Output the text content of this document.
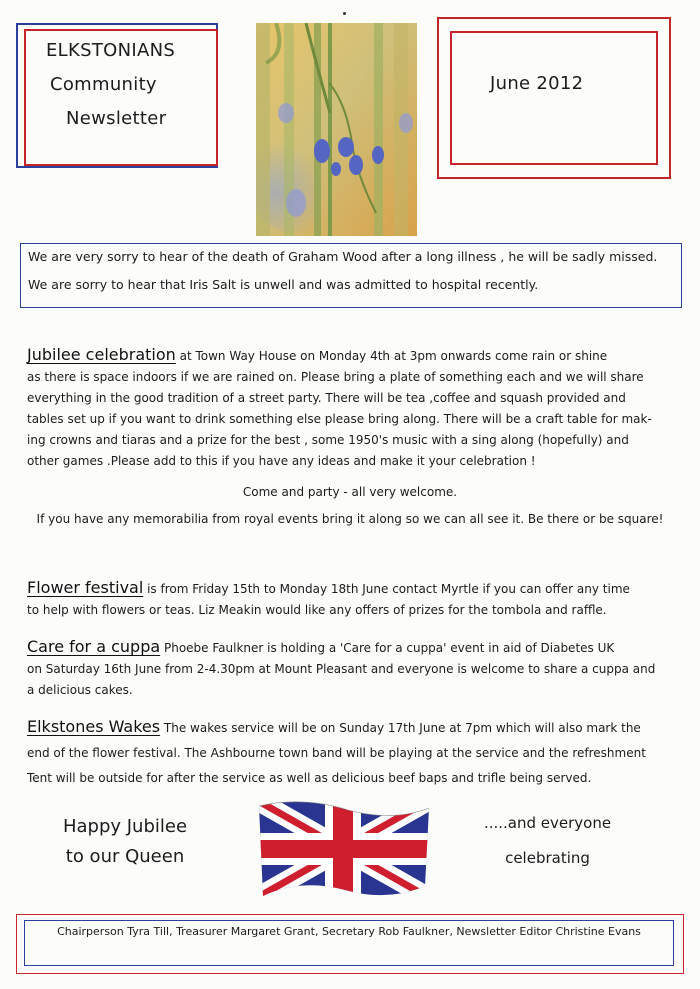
ELKSTONIANS
Community
Newsletter
June 2012
We are very sorry to hear of the death of Graham Wood after a long illness , he will be sadly missed.
We are sorry to hear that Iris Salt is unwell and was admitted to hospital recently.
Jubilee celebration at Town Way House on Monday 4th at 3pm onwards come rain or shine
as there is space indoors if we are rained on. Please bring a plate of something each and we will share
everything in the good tradition of a street party. There will be tea ,coffee and squash provided and
tables set up if you want to drink something else please bring along. There will be a craft table for mak-
ing crowns and tiaras and a prize for the best , some 1950's music with a sing along (hopefully) and
other games .Please add to this if you have any ideas and make it your celebration !
Come and party - all very welcome.
If you have any memorabilia from royal events bring it along so we can all see it. Be there or be square!
Flower festival is from Friday 15th to Monday 18th June contact Myrtle if you can offer any time
to help with flowers or teas. Liz Meakin would like any offers of prizes for the tombola and raffle.
Care for a cuppa Phoebe Faulkner is holding a 'Care for a cuppa' event in aid of Diabetes UK
on Saturday 16th June from 2-4.30pm at Mount Pleasant and everyone is welcome to share a cuppa and
a delicious cakes.
Elkstones Wakes The wakes service will be on Sunday 17th June at 7pm which will also mark the
end of the flower festival. The Ashbourne town band will be playing at the service and the refreshment
Tent will be outside for after the service as well as delicious beef baps and trifle being served.
Happy Jubilee
to our Queen
.....and everyone
celebrating
Chairperson Tyra Till, Treasurer Margaret Grant, Secretary Rob Faulkner, Newsletter Editor Christine Evans
